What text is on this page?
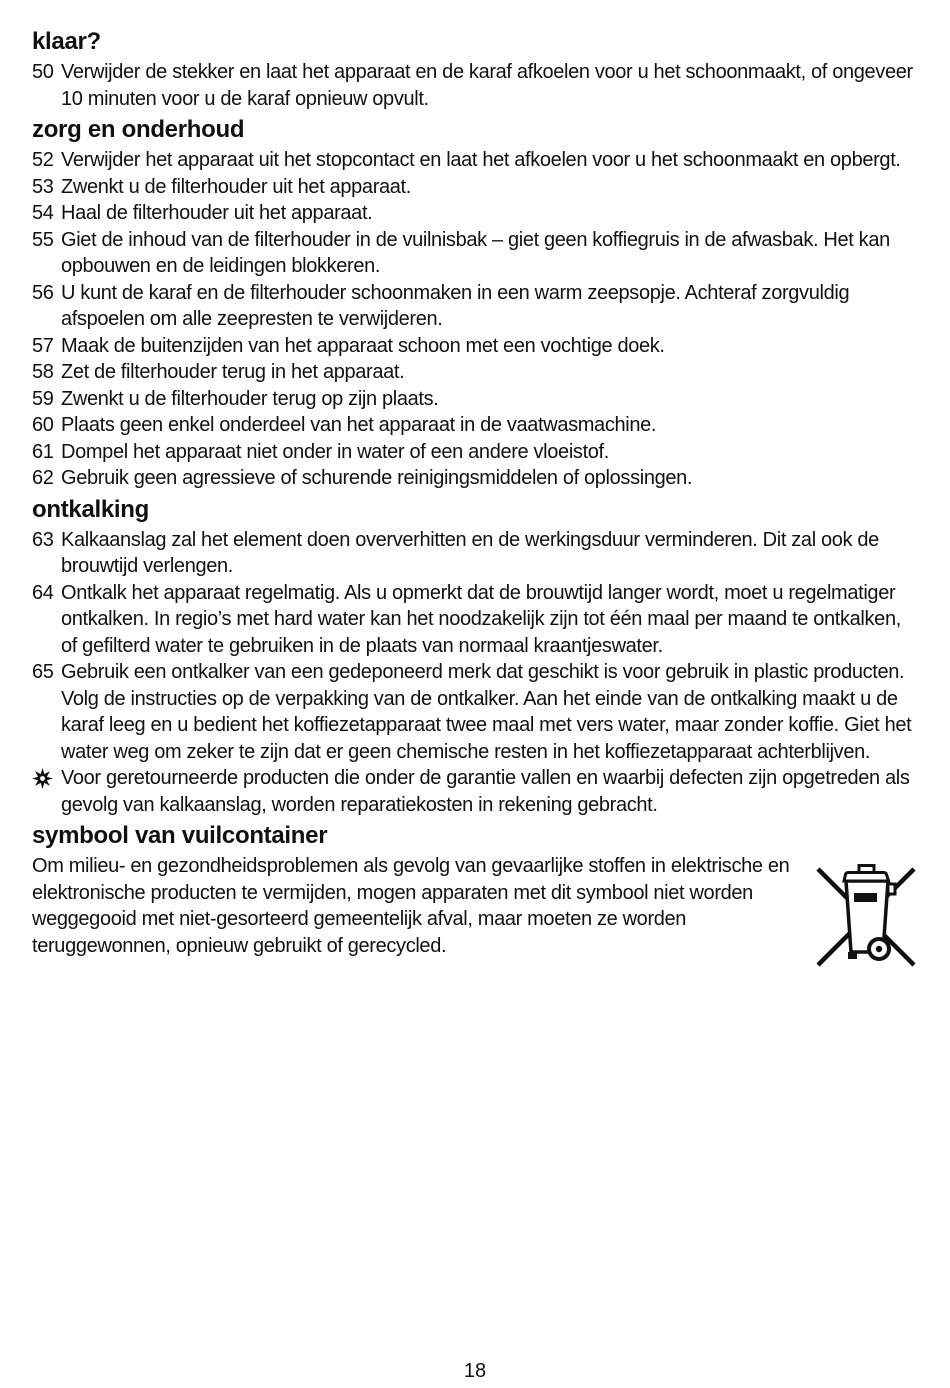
klaar?
50 Verwijder de stekker en laat het apparaat en de karaf afkoelen voor u het schoonmaakt, of ongeveer 10 minuten voor u de karaf opnieuw opvult.
zorg en onderhoud
52 Verwijder het apparaat uit het stopcontact en laat het afkoelen voor u het schoonmaakt en opbergt.
53 Zwenkt u de filterhouder uit het apparaat.
54 Haal de filterhouder uit het apparaat.
55 Giet de inhoud van de filterhouder in de vuilnisbak – giet geen koffiegruis in de afwasbak. Het kan opbouwen en de leidingen blokkeren.
56 U kunt de karaf en de filterhouder schoonmaken in een warm zeepsopje. Achteraf zorgvuldig afspoelen om alle zeepresten te verwijderen.
57 Maak de buitenzijden van het apparaat schoon met een vochtige doek.
58 Zet de filterhouder terug in het apparaat.
59 Zwenkt u de filterhouder terug op zijn plaats.
60 Plaats geen enkel onderdeel van het apparaat in de vaatwasmachine.
61 Dompel het apparaat niet onder in water of een andere vloeistof.
62 Gebruik geen agressieve of schurende reinigingsmiddelen of oplossingen.
ontkalking
63 Kalkaanslag zal het element doen oververhitten en de werkingsduur verminderen. Dit zal ook de brouwtijd verlengen.
64 Ontkalk het apparaat regelmatig. Als u opmerkt dat de brouwtijd langer wordt, moet u regelmatiger ontkalken. In regio’s met hard water kan het noodzakelijk zijn tot één maal per maand te ontkalken, of gefilterd water te gebruiken in de plaats van normaal kraantjeswater.
65 Gebruik een ontkalker van een gedeponeerd merk dat geschikt is voor gebruik in plastic producten. Volg de instructies op de verpakking van de ontkalker. Aan het einde van de ontkalking maakt u de karaf leeg en u bedient het koffiezetapparaat twee maal met vers water, maar zonder koffie. Giet het water weg om zeker te zijn dat er geen chemische resten in het koffiezetapparaat achterblijven.
Voor geretourneerde producten die onder de garantie vallen en waarbij defecten zijn opgetreden als gevolg van kalkaanslag, worden reparatiekosten in rekening gebracht.
symbool van vuilcontainer
Om milieu- en gezondheidsproblemen als gevolg van gevaarlijke stoffen in elektrische en elektronische producten te vermijden, mogen apparaten met dit symbool niet worden weggegooid met niet-gesorteerd gemeentelijk afval, maar moeten ze worden teruggewonnen, opnieuw gebruikt of gerecycled.
18
